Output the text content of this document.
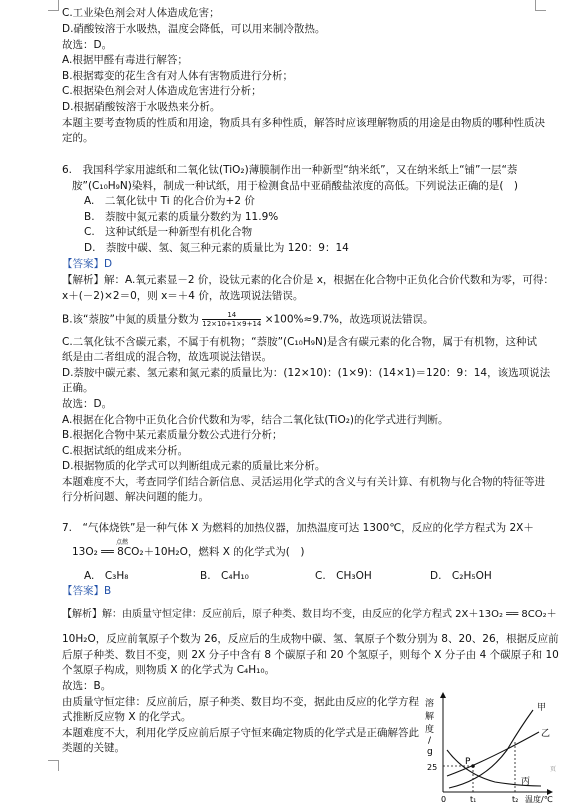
C.工业染色剂会对人体造成危害；
D.硝酸铵溶于水吸热，温度会降低，可以用来制冷散热。
故选：D。
A.根据甲醛有毒进行解答；
B.根据霉变的花生含有对人体有害物质进行分析；
C.根据染色剂会对人体造成危害进行分析；
D.根据硝酸铵溶于水吸热来分析。
本题主要考查物质的性质和用途，物质具有多种性质，解答时应该理解物质的用途是由物质的哪种性质决
定的。
6.　我国科学家用滤纸和二氧化钛(TiO₂)薄膜制作出一种新型“纳米纸”，又在纳米纸上“铺”一层“萘
胺”(C₁₀H₉N)染料，制成一种试纸，用于检测食品中亚硝酸盐浓度的高低。下列说法正确的是(　)
A.　二氧化钛中 Ti 的化合价为+2 价
B.　萘胺中氮元素的质量分数约为 11.9%
C.　这种试纸是一种新型有机化合物
D.　萘胺中碳、氢、氮三种元素的质量比为 120：9：14
【答案】D
【解析】解：A.氧元素显－2 价，设钛元素的化合价是 x，根据在化合物中正负化合价代数和为零，可得：
x＋(－2)×2＝0，则 x＝＋4 价，故选项说法错误。
B.该“萘胺”中氮的质量分数为 $\frac{14}{12\times 10+1\times 9+14} \times 100\%\approx 9.7\%$，故选项说法错误。
C.二氧化钛不含碳元素，不属于有机物；“萘胺”(C₁₀H₉N)是含有碳元素的化合物，属于有机物，这种试
纸是由二者组成的混合物，故选项说法错误。
D.萘胺中碳元素、氢元素和氮元素的质量比为：(12×10)：(1×9)：(14×1)＝120：9：14，该选项说法
正确。
故选：D。
A.根据在化合物中正负化合价代数和为零，结合二氧化钛(TiO₂)的化学式进行判断。
B.根据化合物中某元素质量分数公式进行分析；
C.根据试纸的组成来分析。
D.根据物质的化学式可以判断组成元素的质量比来分析。
本题难度不大，考查同学们结合新信息、灵活运用化学式的含义与有关计算、有机物与化合物的特征等进
行分析问题、解决问题的能力。
7.　“气体烧铁”是一种气体 X 为燃料的加热仪器，加热温度可达 1300℃，反应的化学方程式为 2X＋
13O₂ ══ 8CO₂＋10H₂O，燃料 X 的化学式为(　)
点燃
A.　C₃H₈	B.　C₄H₁₀	C.　CH₃OH	D.　C₂H₅OH
【答案】B
【解析】解：由质量守恒定律：反应前后，原子种类、数目均不变，由反应的化学方程式 2X＋13O₂ ══ 8CO₂＋
10H₂O，反应前氧原子个数为 26，反应后的生成物中碳、氢、氧原子个数分别为 8、20、26，根据反应前
后原子种类、数目不变，则 2X 分子中含有 8 个碳原子和 20 个氢原子，则每个 X 分子由 4 个碳原子和 10
个氢原子构成，则物质 X 的化学式为 C₄H₁₀。
故选：B。
由质量守恒定律：反应前后，原子种类、数目均不变，据此由反应的化学方程
式推断反应物 X 的化学式。
本题难度不大，利用化学反应前后原子守恒来确定物质的化学式是正确解答此
类题的关键。
P
25
0	t₁	t₂ 温度/℃
溶
解
度
/
g
甲
乙
丙
页
